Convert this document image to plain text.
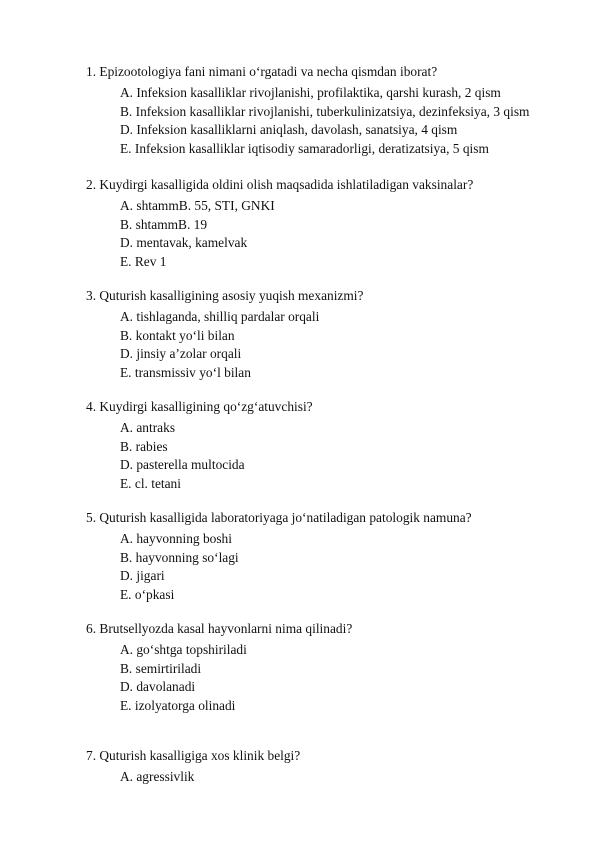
1. Epizootologiya fani nimani o‘rgatadi va necha qismdan iborat?
A. Infeksion kasalliklar rivojlanishi, profilaktika, qarshi kurash, 2 qism
B. Infeksion kasalliklar rivojlanishi, tuberkulinizatsiya, dezinfeksiya, 3 qism
D. Infeksion kasalliklarni aniqlash, davolash, sanatsiya, 4 qism
E. Infeksion kasalliklar iqtisodiy samaradorligi, deratizatsiya, 5 qism
2. Kuydirgi kasalligida oldini olish maqsadida ishlatiladigan vaksinalar?
A. shtammB. 55, STI, GNKI
B. shtammB. 19
D. mentavak, kamelvak
E. Rev 1
3. Quturish kasalligining asosiy yuqish mexanizmi?
A. tishlaganda, shilliq pardalar orqali
B. kontakt yo‘li bilan
D. jinsiy a’zolar orqali
E. transmissiv yo‘l bilan
4. Kuydirgi kasalligining qo‘zg‘atuvchisi?
A. antraks
B. rabies
D. pasterella multocida
E. cl. tetani
5. Quturish kasalligida laboratoriyaga jo‘natiladigan patologik namuna?
A. hayvonning boshi
B. hayvonning so‘lagi
D. jigari
E. o‘pkasi
6. Brutsellyozda kasal hayvonlarni nima qilinadi?
A. go‘shtga topshiriladi
B. semirtiriladi
D. davolanadi
E. izolyatorga olinadi
7. Quturish kasalligiga xos klinik belgi?
A. agressivlik
